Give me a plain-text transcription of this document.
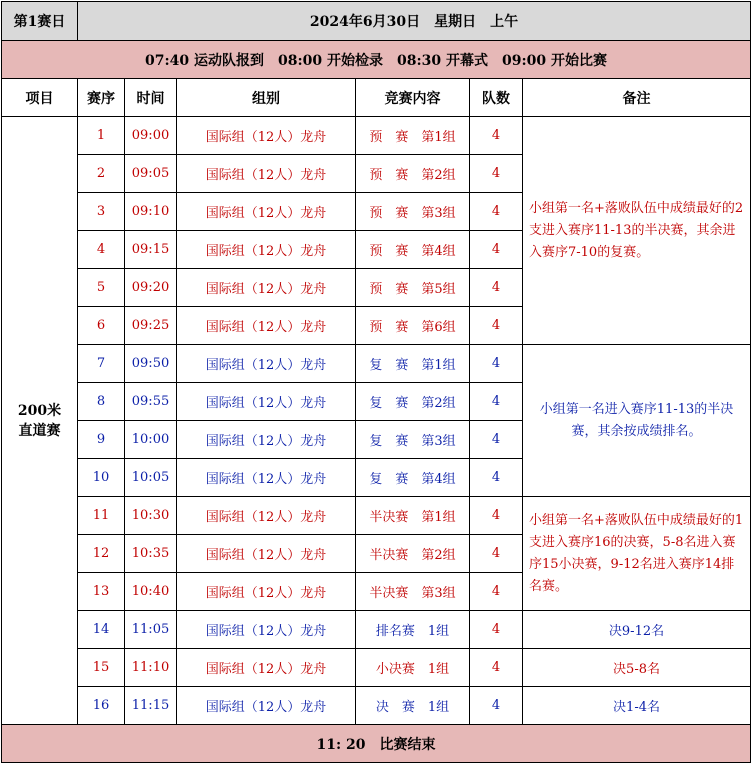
第1赛日	2024年6月30日　星期日　上午					
07:40 运动队报到　08:00 开始检录　08:30 开幕式　09:00 开始比赛						
项目	赛序	时间	组别	竞赛内容	队数	备注
200米
直道赛	1	09:00	国际组（12人）龙舟	预　赛　第1组	4	小组第一名+落败队伍中成绩最好的2支进入赛序11-13的半决赛，其余进入赛序7-10的复赛。
	2	09:05	国际组（12人）龙舟	预　赛　第2组	4	
	3	09:10	国际组（12人）龙舟	预　赛　第3组	4	
	4	09:15	国际组（12人）龙舟	预　赛　第4组	4	
	5	09:20	国际组（12人）龙舟	预　赛　第5组	4	
	6	09:25	国际组（12人）龙舟	预　赛　第6组	4	
	7	09:50	国际组（12人）龙舟	复　赛　第1组	4	小组第一名进入赛序11-13的半决赛，其余按成绩排名。
	8	09:55	国际组（12人）龙舟	复　赛　第2组	4	
	9	10:00	国际组（12人）龙舟	复　赛　第3组	4	
	10	10:05	国际组（12人）龙舟	复　赛　第4组	4	
	11	10:30	国际组（12人）龙舟	半决赛　第1组	4	小组第一名+落败队伍中成绩最好的1支进入赛序16的决赛，5-8名进入赛序15小决赛，9-12名进入赛序14排名赛。
	12	10:35	国际组（12人）龙舟	半决赛　第2组	4	
	13	10:40	国际组（12人）龙舟	半决赛　第3组	4	
	14	11:05	国际组（12人）龙舟	排名赛　1组	4	决9-12名
	15	11:10	国际组（12人）龙舟	小决赛　1组	4	决5-8名
	16	11:15	国际组（12人）龙舟	决　赛　1组	4	决1-4名
11: 20　比赛结束						
